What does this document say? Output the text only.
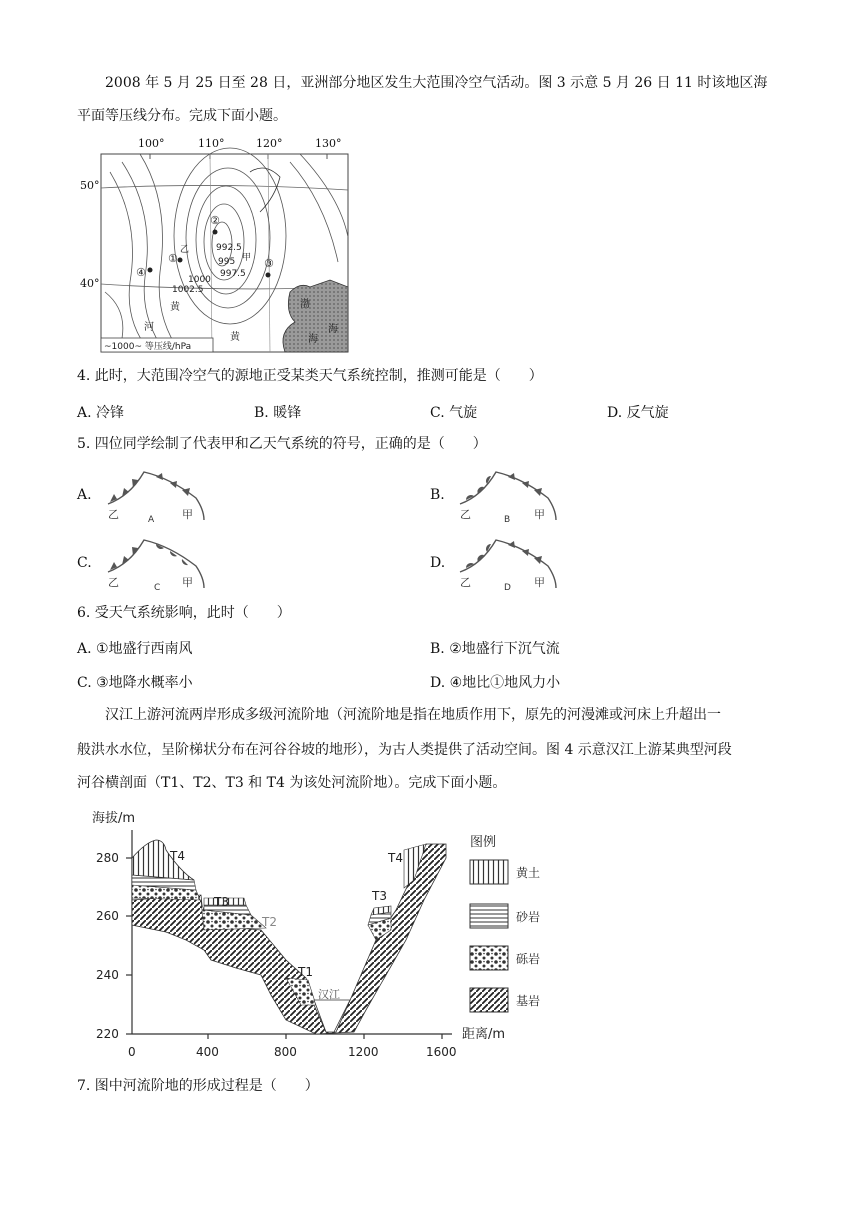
2008 年 5 月 25 日至 28 日，亚洲部分地区发生大范围冷空气活动。图 3 示意 5 月 26 日 11 时该地区海
平面等压线分布。完成下面小题。
②
①
④
③
乙
甲
992.5
995
997.5
1000
1002.5
黄
河
黄	海
渤
海
~1000~ 等压线/hPa
100°	110°	120°	130°
50°
40°
4. 此时，大范围冷空气的源地正受某类天气系统控制，推测可能是（　　）
A. 冷锋	B. 暖锋	C. 气旋	D. 反气旋
5. 四位同学绘制了代表甲和乙天气系统的符号，正确的是（　　）
A.	B.
C.	D.
乙	A	甲	乙	B 甲
乙	C 甲	乙	D 甲
6. 受天气系统影响，此时（　　）
A. ①地盛行西南风	B. ②地盛行下沉气流
C. ③地降水概率小	D. ④地比①地风力小
汉江上游河流两岸形成多级河流阶地（河流阶地是指在地质作用下，原先的河漫滩或河床上升超出一
般洪水水位，呈阶梯状分布在河谷谷坡的地形），为古人类提供了活动空间。图 4 示意汉江上游某典型河段
河谷横剖面（T1、T2、T3 和 T4 为该处河流阶地）。完成下面小题。
汉江
T4
T3
T2
T1
T3
T4
海拔/m
距离/m
280
260
240
220
0	400	800	1200	1600
图例
黄土
砂岩
砾岩
基岩
7. 图中河流阶地的形成过程是（　　）
